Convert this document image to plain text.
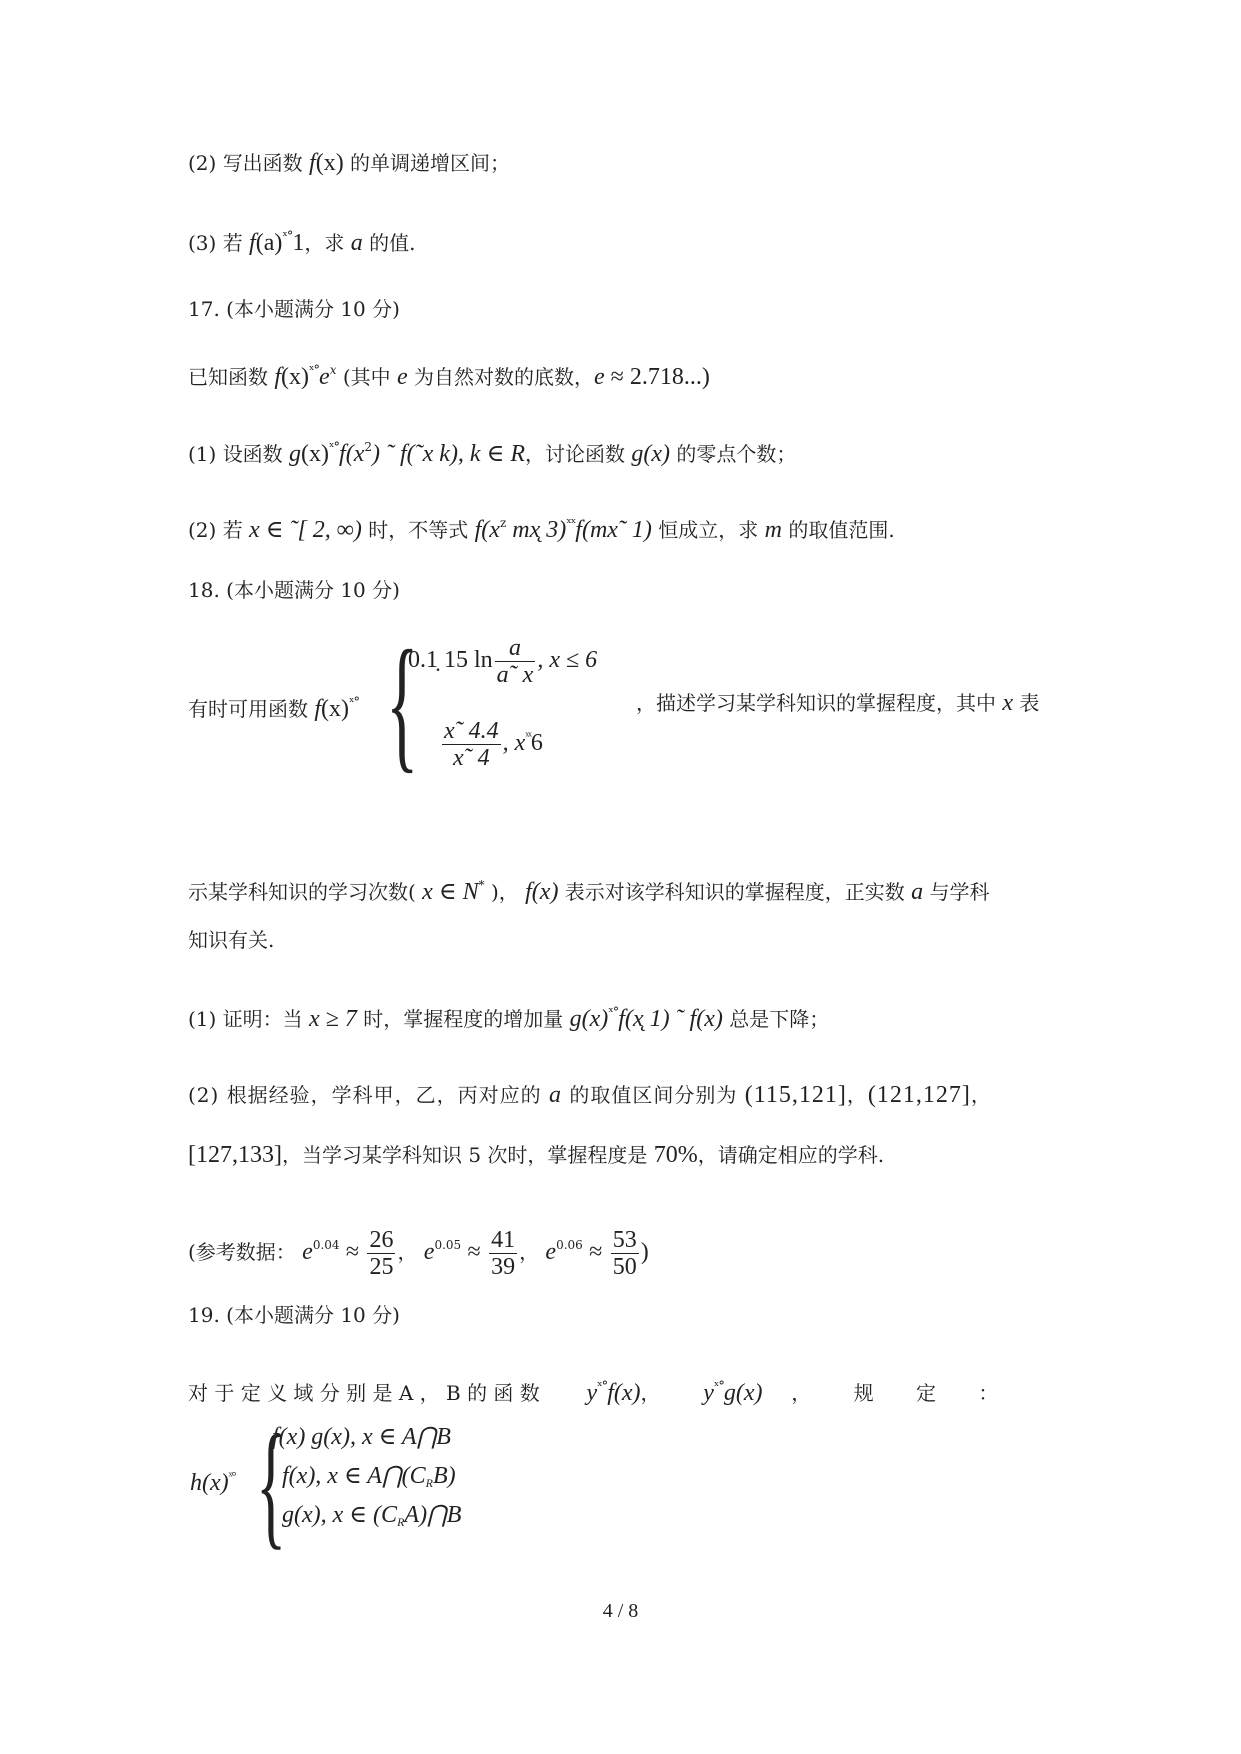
(2) 写出函数 f(x) 的单调递增区间；
(3) 若 $f(a)^{ˣ^\circ}1$，求 a 的值.
17. (本小题满分 10 分)
已知函数 $f(x)^{ˣ^\circ}e^x$ (其中 e 为自然对数的底数，e ≈ 2.718...)
(1) 设函数 $g(x)^{ˣ^\circ}f(x^2)$ ˜ f(˜x k), k ∈ R，讨论函数 g(x) 的零点个数；
(2) 若 x ∈ ˜[ 2, ∞) 时，不等式 $f(x^z$ mx̨ 3)$^{ˣˣ}$f(mx˜ 1) 恒成立，求 m 的取值范围.
18. (本小题满分 10 分)
有时可用函数 $f(x)^{ˣ^\circ}$ {
0.1̣ 15 $\ln \frac{a}{a˜ x}$ , x ≤ 6
$\frac{x˜ 4.4}{x˜ 4}$ , $x^{ˣˣ}6$
，描述学习某学科知识的掌握程度，其中 x 表
示某学科知识的学习次数( x ∈ N* )， f(x) 表示对该学科知识的掌握程度，正实数 a 与学科
知识有关.
(1) 证明：当 x ≥ 7 时，掌握程度的增加量 $g(x)^{ˣ^\circ}f(x̨$ 1) ˜ f(x) 总是下降；
(2) 根据经验，学科甲，乙，丙对应的 a 的取值区间分别为 (115,121]，(121,127]，
[127,133]，当学习某学科知识 5 次时，掌握程度是 70%，请确定相应的学科.
(参考数据： $e^{0.04} \approx \frac{26}{25}$ ， $e^{0.05} \approx \frac{41}{39}$ ， $e^{0.06} \approx \frac{53}{50}$ )
19. (本小题满分 10 分)
对 于 定 义 域 分 别 是 A ， B 的 函 数 $y^{ˣ^\circ}f(x)$， $y^{ˣ^\circ}g(x)$ ， 规 定 ：
$h(x)^{ˣ^\circ}$ {
f(x) g(x), x ∈ A⋂B
f(x), x ∈ $A⋂(C_RB)$
g(x), x ∈ $(C_RA)⋂B$
4 / 8
